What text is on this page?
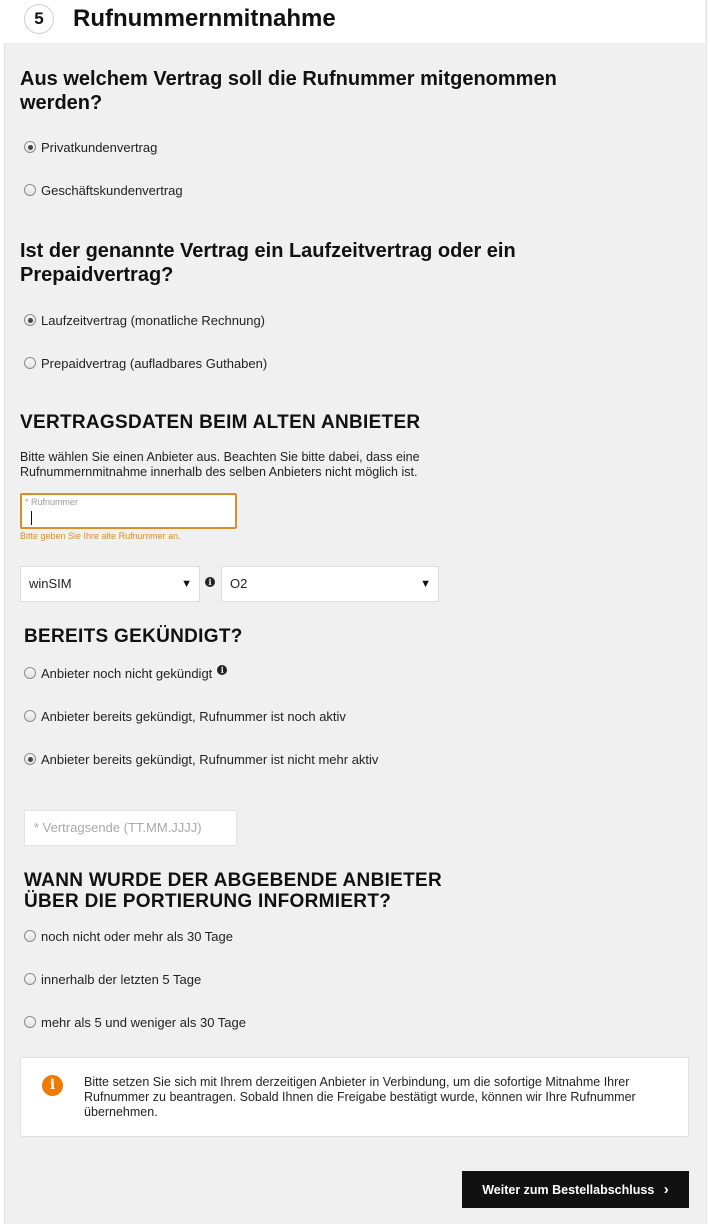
5	Rufnummernmitnahme
Aus welchem Vertrag soll die Rufnummer mitgenommen werden?
Privatkundenvertrag
Geschäftskundenvertrag
Ist der genannte Vertrag ein Laufzeitvertrag oder ein Prepaidvertrag?
Laufzeitvertrag (monatliche Rechnung)
Prepaidvertrag (aufladbares Guthaben)
VERTRAGSDATEN BEIM ALTEN ANBIETER
Bitte wählen Sie einen Anbieter aus. Beachten Sie bitte dabei, dass eine Rufnummernmitnahme innerhalb des selben Anbieters nicht möglich ist.
* Rufnummer
Bitte geben Sie Ihre alte Rufnummer an.
winSIM	▼	i	O2	▼
BEREITS GEKÜNDIGT?
Anbieter noch nicht gekündigt	i
Anbieter bereits gekündigt, Rufnummer ist noch aktiv
Anbieter bereits gekündigt, Rufnummer ist nicht mehr aktiv
* Vertragsende (TT.MM.JJJJ)
WANN WURDE DER ABGEBENDE ANBIETER
ÜBER DIE PORTIERUNG INFORMIERT?
noch nicht oder mehr als 30 Tage
innerhalb der letzten 5 Tage
mehr als 5 und weniger als 30 Tage
i	Bitte setzen Sie sich mit Ihrem derzeitigen Anbieter in Verbindung, um die sofortige Mitnahme Ihrer Rufnummer zu beantragen. Sobald Ihnen die Freigabe bestätigt wurde, können wir Ihre Rufnummer übernehmen.
Weiter zum Bestellabschluss ›
